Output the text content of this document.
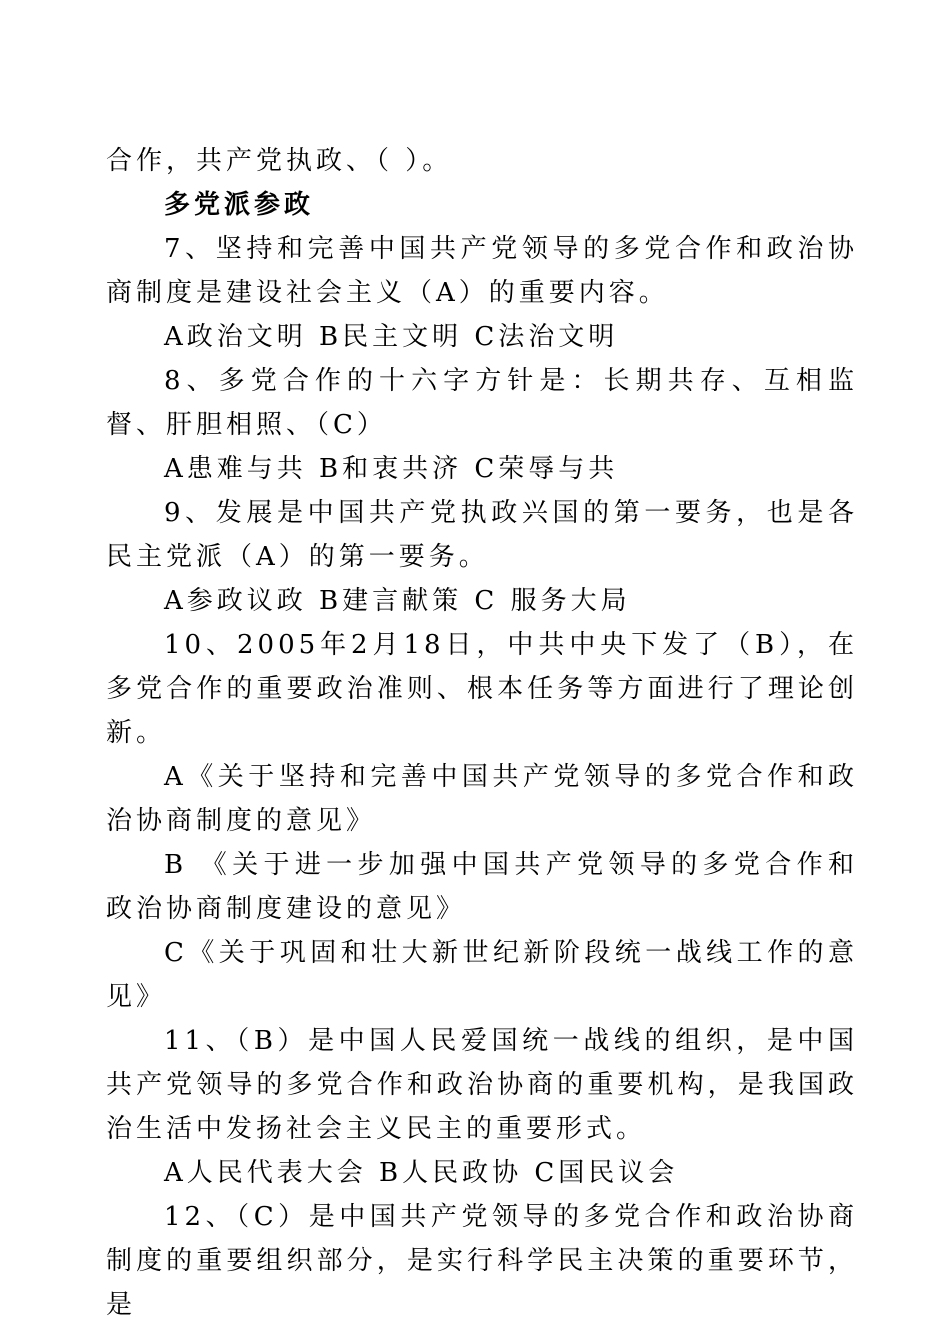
合作，共产党执政、（ ）。

多党派参政

7、坚持和完善中国共产党领导的多党合作和政治协商制度是建设社会主义（A）的重要内容。

A政治文明 B民主文明 C法治文明

8、多党合作的十六字方针是：长期共存、互相监督、肝胆相照、（C）

A患难与共 B和衷共济 C荣辱与共

9、发展是中国共产党执政兴国的第一要务，也是各民主党派（A）的第一要务。

A参政议政 B建言献策 C 服务大局

10、2005年2月18日，中共中央下发了（B），在多党合作的重要政治准则、根本任务等方面进行了理论创新。

A《关于坚持和完善中国共产党领导的多党合作和政治协商制度的意见》

B 《关于进一步加强中国共产党领导的多党合作和政治协商制度建设的意见》

C《关于巩固和壮大新世纪新阶段统一战线工作的意见》

11、（B）是中国人民爱国统一战线的组织，是中国共产党领导的多党合作和政治协商的重要机构，是我国政治生活中发扬社会主义民主的重要形式。

A人民代表大会 B人民政协 C国民议会

12、（C）是中国共产党领导的多党合作和政治协商制度的重要组织部分，是实行科学民主决策的重要环节，是
